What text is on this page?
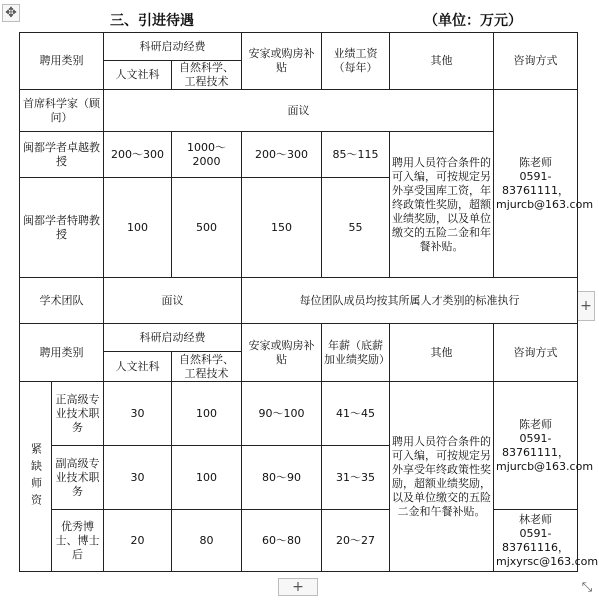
✥
+
+	⤡
三、引进待遇	（单位：万元）
聘用类别		科研启动经费		安家或购房补贴	业绩工资（每年）	其他	咨询方式
		人文社科	自然科学、工程技术				
首席科学家（顾问）		面议					陈老师
0591-83761111，
mjurcb@163.com

闽都学者卓越教授		200～300	1000～2000	200～300	85～115	聘用人员符合条件的可入编，可按规定另外享受国库工资，年终政策性奖励，超额业绩奖励，以及单位缴交的五险二金和年餐补贴。	
闽都学者特聘教授		100	500	150	55		
学术团队		面议		每位团队成员均按其所属人才类别的标准执行			
聘用类别		科研启动经费		安家或购房补贴	年薪（底薪加业绩奖励）	其他	咨询方式
		人文社科	自然科学、工程技术				
紧缺师资	正高级专业技术职务	30	100	90～100	41～45	聘用人员符合条件的可入编，可按规定另外享受年终政策性奖励，超额业绩奖励，以及单位缴交的五险二金和午餐补贴。	陈老师
0591-83761111，
mjurcb@163.com

	副高级专业技术职务	30	100	80～90	31～35		
	优秀博士、博士后	20	80	60～80	20～27		林老师
0591-83761116，
mjxyrsc@163.com
